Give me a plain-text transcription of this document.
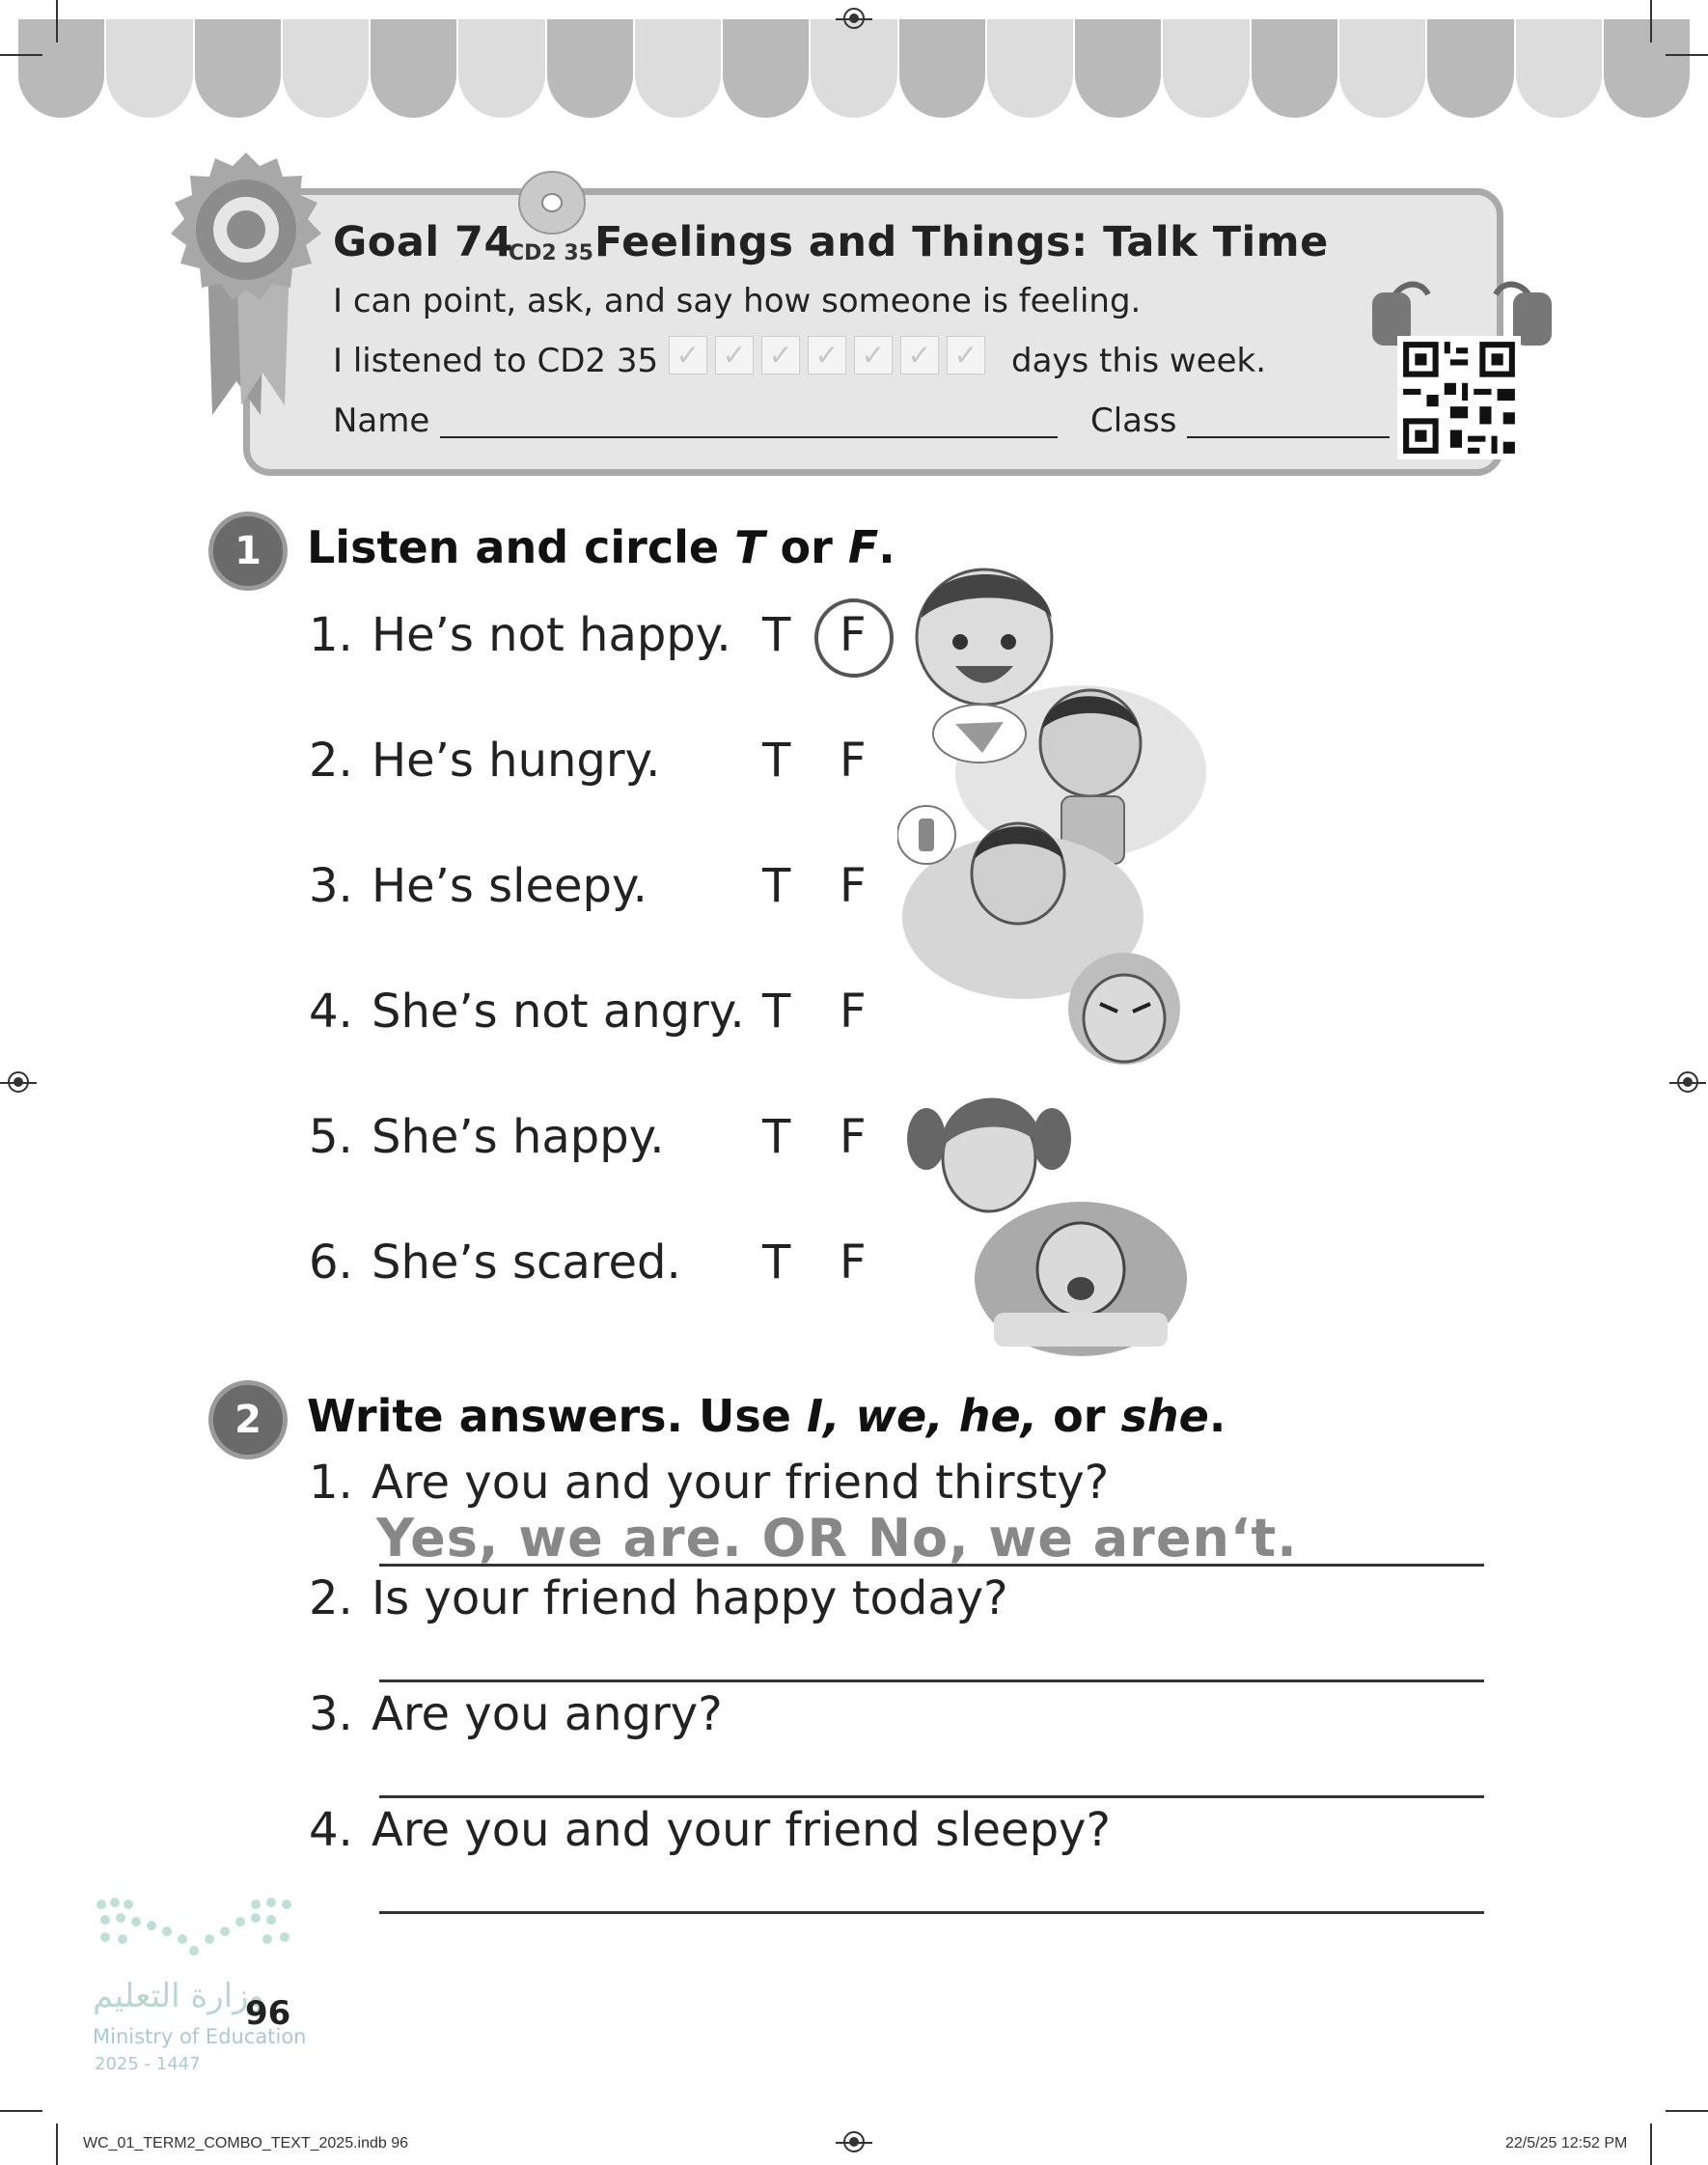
Goal 74
CD2 35 Feelings and Things: Talk Time
I can point, ask, and say how someone is feeling.
I listened to CD2 35 ✓ ✓ ✓ ✓ ✓ ✓ ✓ days this week.
Name	Class
1	Listen and circle T or F.
1. He’s not happy. T F
2. He’s hungry. T F
3. He’s sleepy. T F
4. She’s not angry. T F
5. She’s happy. T F
6. She’s scared. T F
2	Write answers. Use I, we, he, or she.
1. Are you and your friend thirsty?
Yes, we are. OR No, we aren‘t.
2. Is your friend happy today?
3. Are you angry?
4. Are you and your friend sleepy?
وزارة التعليم
Ministry of Education
2025 - 1447
96
WC_01_TERM2_COMBO_TEXT_2025.indb 96	22/5/25 12:52 PM
